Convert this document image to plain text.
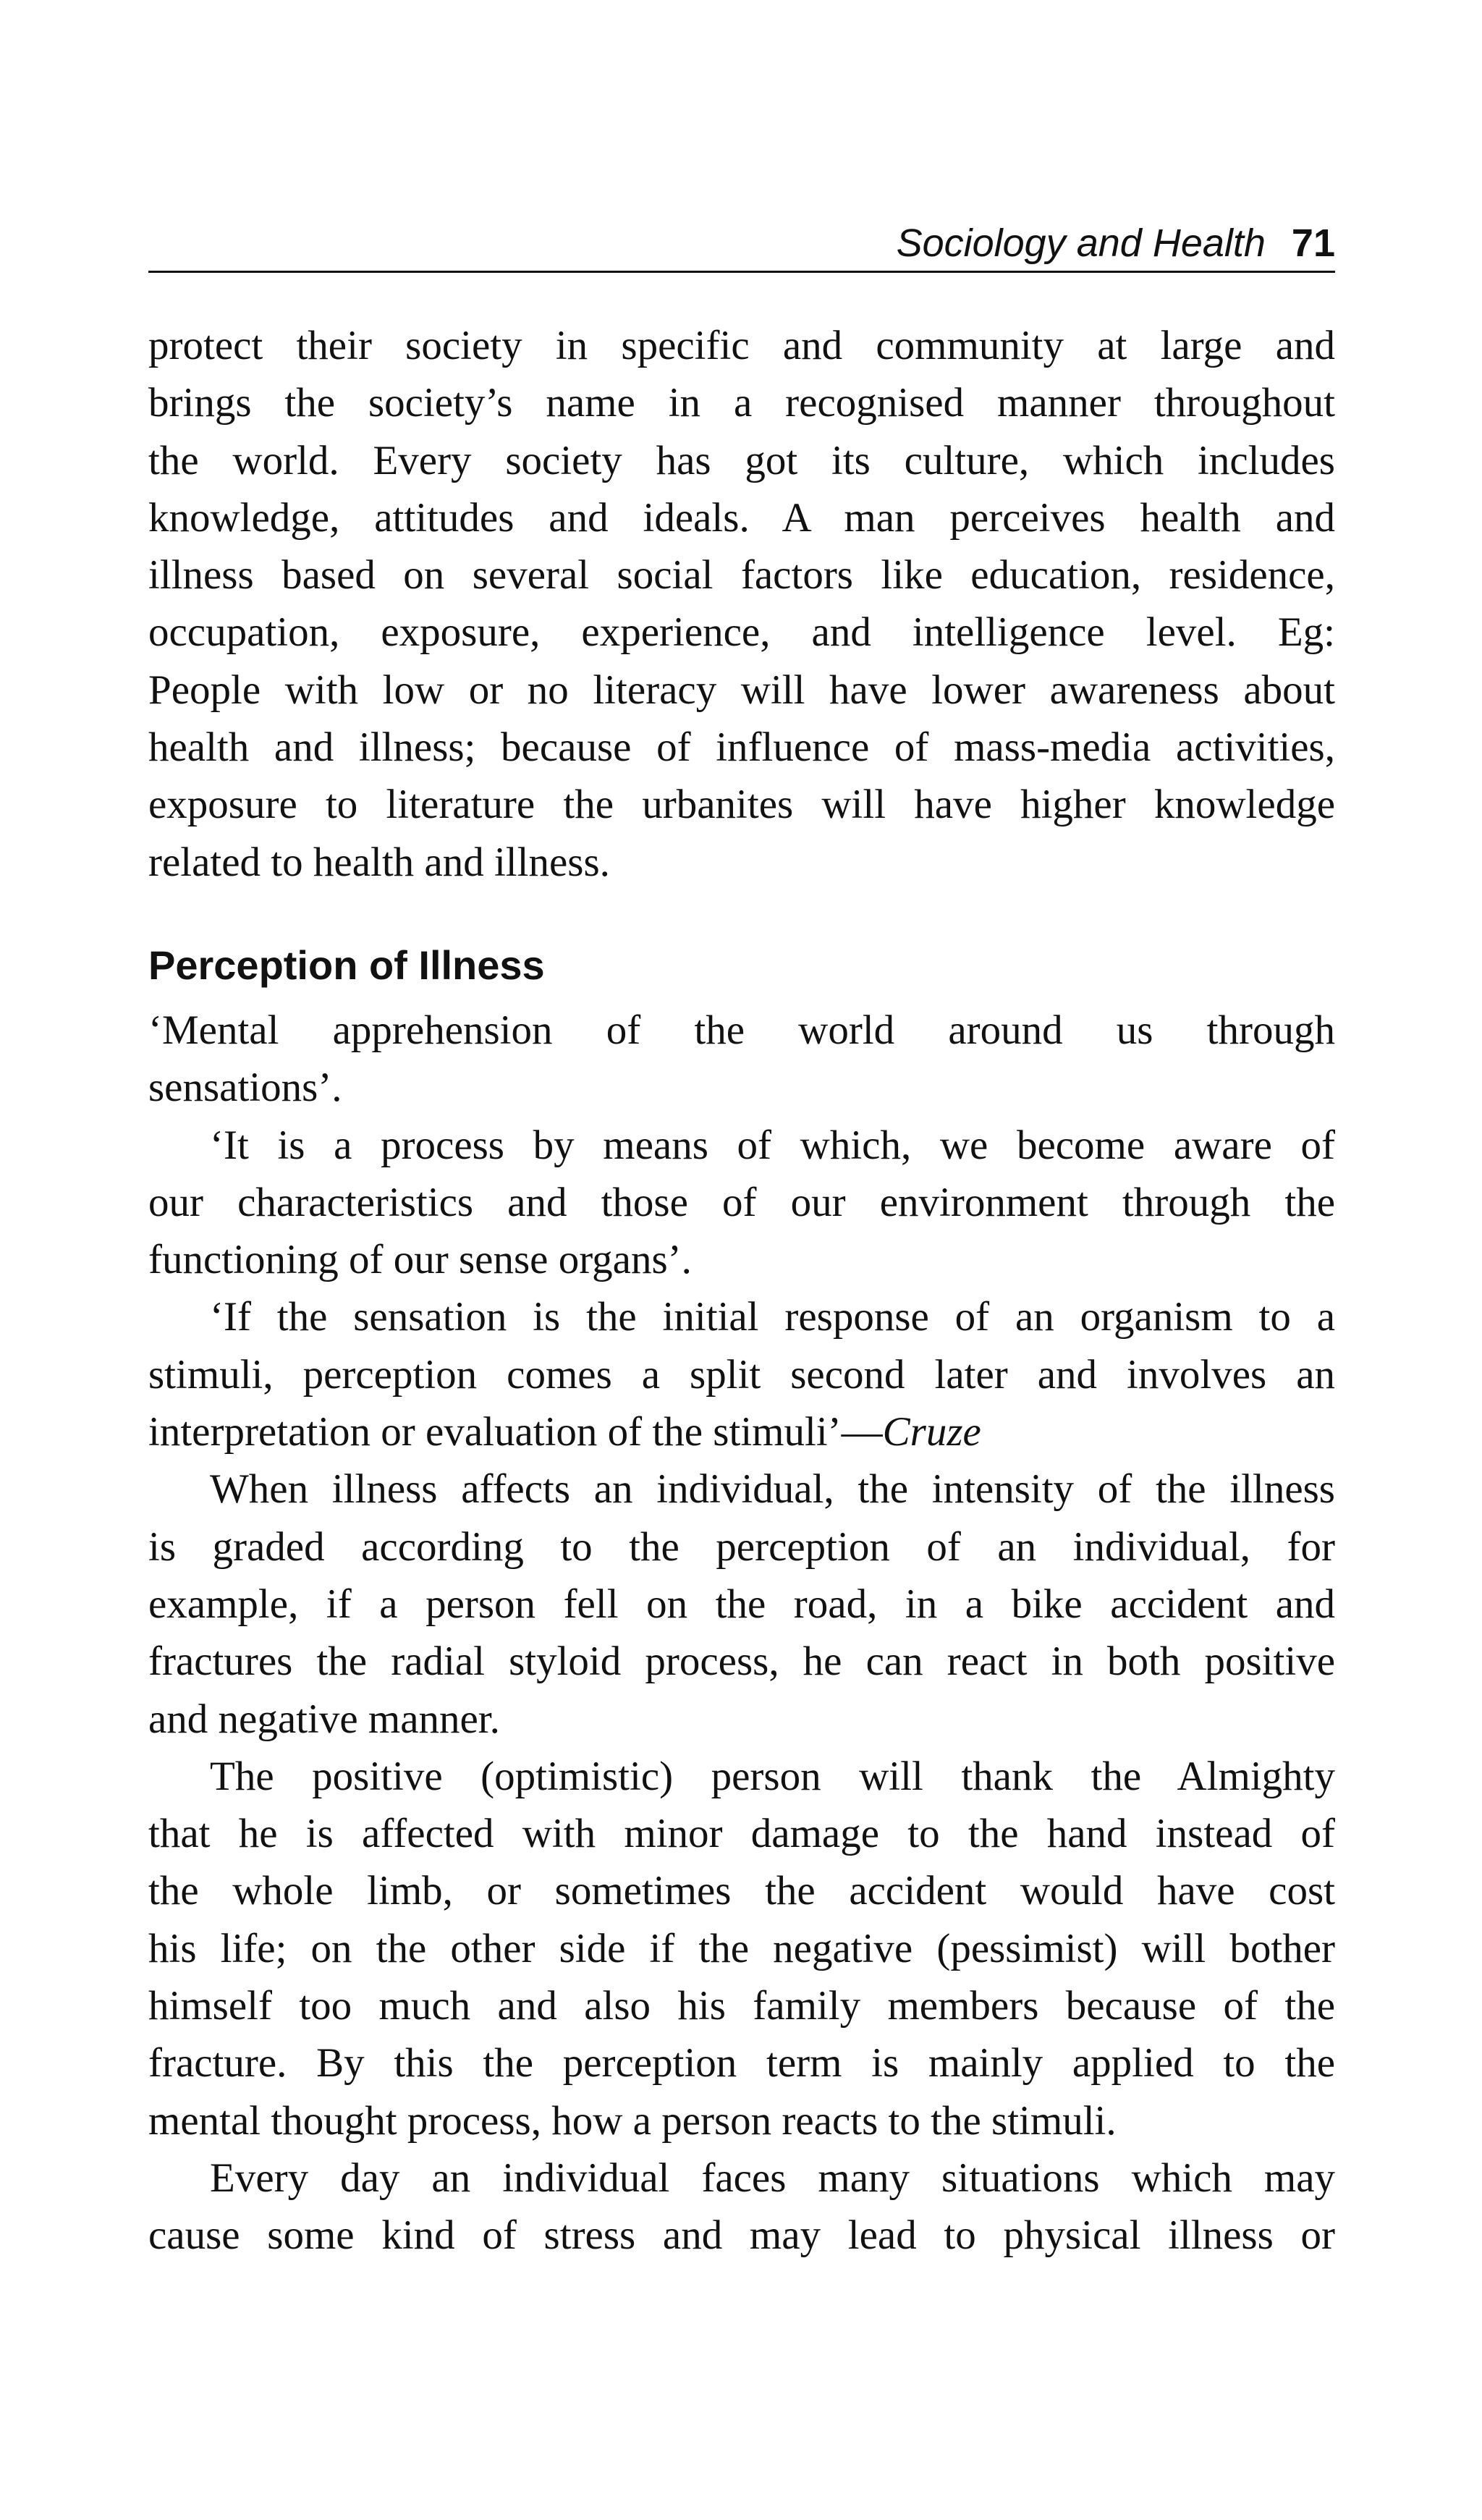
Sociology and Health 71
protect their society in specific and community at large and
brings the society’s name in a recognised manner throughout
the world. Every society has got its culture, which includes
knowledge, attitudes and ideals. A man perceives health and
illness based on several social factors like education, residence,
occupation, exposure, experience, and intelligence level. Eg:
People with low or no literacy will have lower awareness about
health and illness; because of influence of mass-media activities,
exposure to literature the urbanites will have higher knowledge
related to health and illness.
Perception of Illness
‘Mental apprehension of the world around us through
sensations’.
‘It is a process by means of which, we become aware of
our characteristics and those of our environment through the
functioning of our sense organs’.
‘If the sensation is the initial response of an organism to a
stimuli, perception comes a split second later and involves an
interpretation or evaluation of the stimuli’—Cruze
When illness affects an individual, the intensity of the illness
is graded according to the perception of an individual, for
example, if a person fell on the road, in a bike accident and
fractures the radial styloid process, he can react in both positive
and negative manner.
The positive (optimistic) person will thank the Almighty
that he is affected with minor damage to the hand instead of
the whole limb, or sometimes the accident would have cost
his life; on the other side if the negative (pessimist) will bother
himself too much and also his family members because of the
fracture. By this the perception term is mainly applied to the
mental thought process, how a person reacts to the stimuli.
Every day an individual faces many situations which may
cause some kind of stress and may lead to physical illness or
